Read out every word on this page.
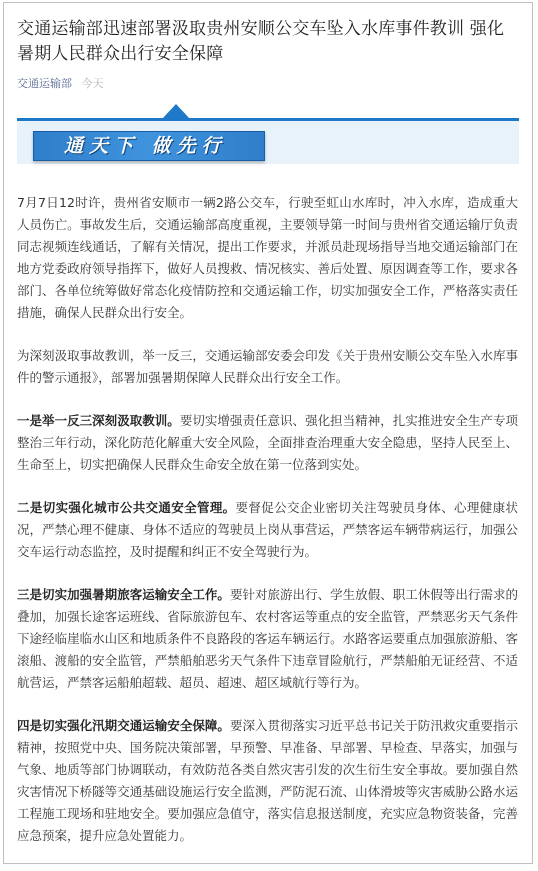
交通运输部迅速部署汲取贵州安顺公交车坠入水库事件教训 强化暑期人民群众出行安全保障
交通运输部 今天
通天下 做先行

7月7日12时许，贵州省安顺市一辆2路公交车，行驶至虹山水库时，冲入水库，造成重大人员伤亡。事故发生后，交通运输部高度重视，主要领导第一时间与贵州省交通运输厅负责同志视频连线通话，了解有关情况，提出工作要求，并派员赴现场指导当地交通运输部门在地方党委政府领导指挥下，做好人员搜救、情况核实、善后处置、原因调查等工作，要求各部门、各单位统筹做好常态化疫情防控和交通运输工作，切实加强安全工作，严格落实责任措施，确保人民群众出行安全。

为深刻汲取事故教训，举一反三，交通运输部安委会印发《关于贵州安顺公交车坠入水库事件的警示通报》，部署加强暑期保障人民群众出行安全工作。

一是举一反三深刻汲取教训。要切实增强责任意识、强化担当精神，扎实推进安全生产专项整治三年行动，深化防范化解重大安全风险，全面排查治理重大安全隐患，坚持人民至上、生命至上，切实把确保人民群众生命安全放在第一位落到实处。

二是切实强化城市公共交通安全管理。要督促公交企业密切关注驾驶员身体、心理健康状况，严禁心理不健康、身体不适应的驾驶员上岗从事营运，严禁客运车辆带病运行，加强公交车运行动态监控，及时提醒和纠正不安全驾驶行为。

三是切实加强暑期旅客运输安全工作。要针对旅游出行、学生放假、职工休假等出行需求的叠加，加强长途客运班线、省际旅游包车、农村客运等重点的安全监管，严禁恶劣天气条件下途经临崖临水山区和地质条件不良路段的客运车辆运行。水路客运要重点加强旅游船、客滚船、渡船的安全监管，严禁船舶恶劣天气条件下违章冒险航行，严禁船舶无证经营、不适航营运，严禁客运船舶超载、超员、超速、超区域航行等行为。

四是切实强化汛期交通运输安全保障。要深入贯彻落实习近平总书记关于防汛救灾重要指示精神，按照党中央、国务院决策部署，早预警、早准备、早部署、早检查、早落实，加强与气象、地质等部门协调联动，有效防范各类自然灾害引发的次生衍生安全事故。要加强自然灾害情况下桥隧等交通基础设施运行安全监测，严防泥石流、山体滑坡等灾害威胁公路水运工程施工现场和驻地安全。要加强应急值守，落实信息报送制度，充实应急物资装备，完善应急预案，提升应急处置能力。
